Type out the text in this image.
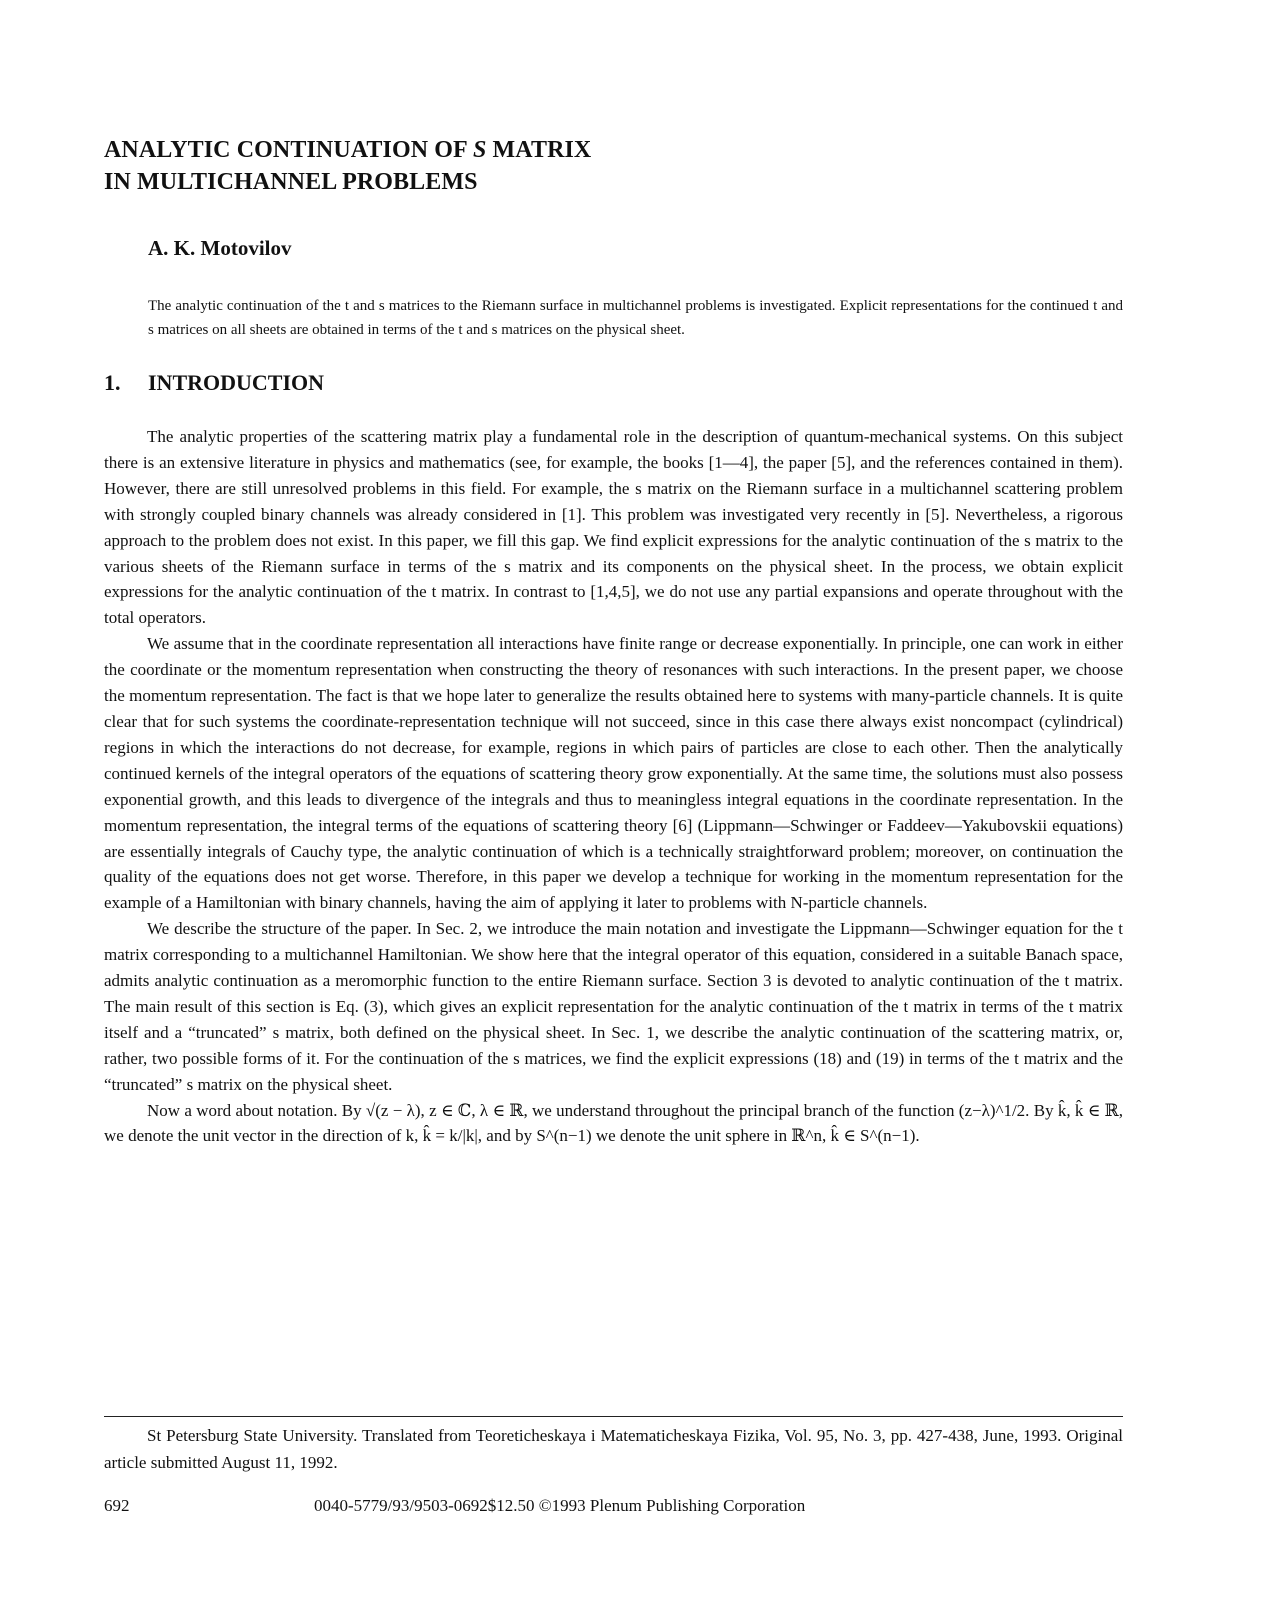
ANALYTIC CONTINUATION OF S MATRIX
IN MULTICHANNEL PROBLEMS
A. K. Motovilov
The analytic continuation of the t and s matrices to the Riemann surface in multichannel problems is investigated. Explicit representations for the continued t and s matrices on all sheets are obtained in terms of the t and s matrices on the physical sheet.
1. INTRODUCTION

The analytic properties of the scattering matrix play a fundamental role in the description of quantum-mechanical systems. On this subject there is an extensive literature in physics and mathematics (see, for example, the books [1—4], the paper [5], and the references contained in them). However, there are still unresolved problems in this field. For example, the s matrix on the Riemann surface in a multichannel scattering problem with strongly coupled binary channels was already considered in [1]. This problem was investigated very recently in [5]. Nevertheless, a rigorous approach to the problem does not exist. In this paper, we fill this gap. We find explicit expressions for the analytic continuation of the s matrix to the various sheets of the Riemann surface in terms of the s matrix and its components on the physical sheet. In the process, we obtain explicit expressions for the analytic continuation of the t matrix. In contrast to [1,4,5], we do not use any partial expansions and operate throughout with the total operators.

We assume that in the coordinate representation all interactions have finite range or decrease exponentially. In principle, one can work in either the coordinate or the momentum representation when constructing the theory of resonances with such interactions. In the present paper, we choose the momentum representation. The fact is that we hope later to generalize the results obtained here to systems with many-particle channels. It is quite clear that for such systems the coordinate-representation technique will not succeed, since in this case there always exist noncompact (cylindrical) regions in which the interactions do not decrease, for example, regions in which pairs of particles are close to each other. Then the analytically continued kernels of the integral operators of the equations of scattering theory grow exponentially. At the same time, the solutions must also possess exponential growth, and this leads to divergence of the integrals and thus to meaningless integral equations in the coordinate representation. In the momentum representation, the integral terms of the equations of scattering theory [6] (Lippmann—Schwinger or Faddeev—Yakubovskii equations) are essentially integrals of Cauchy type, the analytic continuation of which is a technically straightforward problem; moreover, on continuation the quality of the equations does not get worse. Therefore, in this paper we develop a technique for working in the momentum representation for the example of a Hamiltonian with binary channels, having the aim of applying it later to problems with N-particle channels.

We describe the structure of the paper. In Sec. 2, we introduce the main notation and investigate the Lippmann—Schwinger equation for the t matrix corresponding to a multichannel Hamiltonian. We show here that the integral operator of this equation, considered in a suitable Banach space, admits analytic continuation as a meromorphic function to the entire Riemann surface. Section 3 is devoted to analytic continuation of the t matrix. The main result of this section is Eq. (3), which gives an explicit representation for the analytic continuation of the t matrix in terms of the t matrix itself and a “truncated” s matrix, both defined on the physical sheet. In Sec. 1, we describe the analytic continuation of the scattering matrix, or, rather, two possible forms of it. For the continuation of the s matrices, we find the explicit expressions (18) and (19) in terms of the t matrix and the “truncated” s matrix on the physical sheet.

Now a word about notation. By √(z − λ), z ∈ ℂ, λ ∈ ℝ, we understand throughout the principal branch of the function (z−λ)^1/2. By k̂, k̂ ∈ ℝ, we denote the unit vector in the direction of k, k̂ = k/|k|, and by S^(n−1) we denote the unit sphere in ℝ^n, k̂ ∈ S^(n−1).

St Petersburg State University. Translated from Teoreticheskaya i Matematicheskaya Fizika, Vol. 95, No. 3, pp. 427-438, June, 1993. Original article submitted August 11, 1992.
692	0040-5779/93/9503-0692$12.50 ©1993 Plenum Publishing Corporation
